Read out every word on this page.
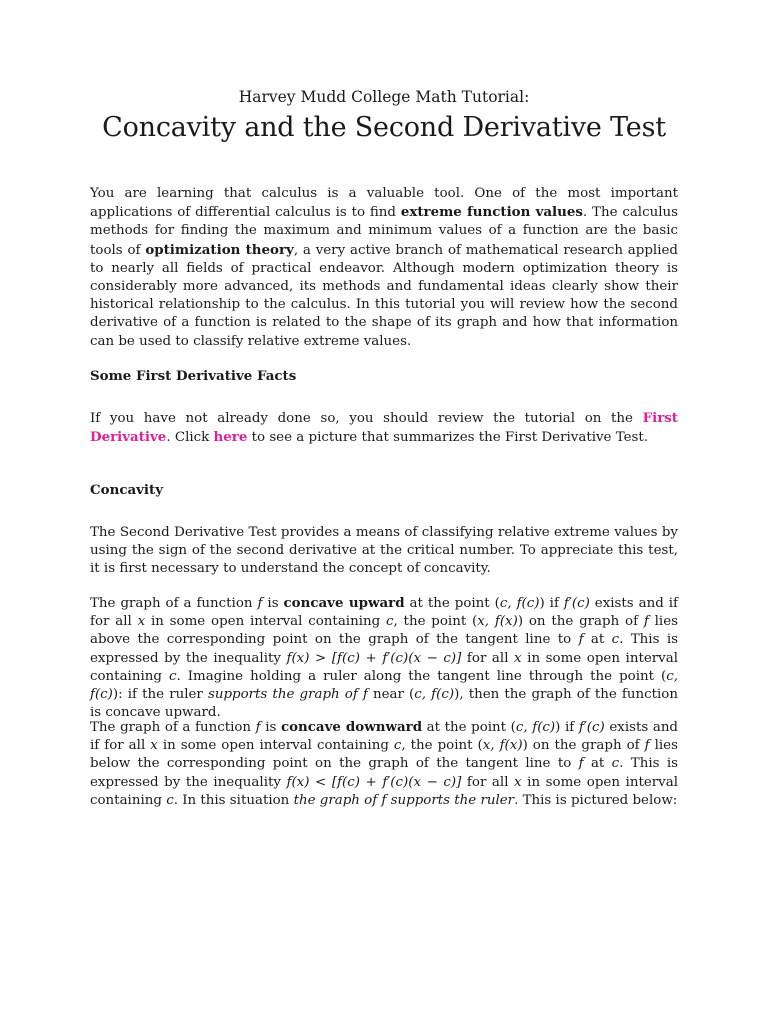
Harvey Mudd College Math Tutorial:
Concavity and the Second Derivative Test

You are learning that calculus is a valuable tool. One of the most important applications of differential calculus is to find extreme function values. The calculus methods for finding the maximum and minimum values of a function are the basic tools of optimization theory, a very active branch of mathematical research applied to nearly all fields of practical endeavor. Although modern optimization theory is considerably more advanced, its methods and fundamental ideas clearly show their historical relationship to the calculus. In this tutorial you will review how the second derivative of a function is related to the shape of its graph and how that information can be used to classify relative extreme values.

Some First Derivative Facts

If you have not already done so, you should review the tutorial on the First Derivative. Click here to see a picture that summarizes the First Derivative Test.

Concavity

The Second Derivative Test provides a means of classifying relative extreme values by using the sign of the second derivative at the critical number. To appreciate this test, it is first necessary to understand the concept of concavity.

The graph of a function f is concave upward at the point (c, f(c)) if f′(c) exists and if for all x in some open interval containing c, the point (x, f(x)) on the graph of f lies above the corresponding point on the graph of the tangent line to f at c. This is expressed by the inequality f(x) > [f(c) + f′(c)(x − c)] for all x in some open interval containing c. Imagine holding a ruler along the tangent line through the point (c, f(c)): if the ruler supports the graph of f near (c, f(c)), then the graph of the function is concave upward.

The graph of a function f is concave downward at the point (c, f(c)) if f′(c) exists and if for all x in some open interval containing c, the point (x, f(x)) on the graph of f lies below the corresponding point on the graph of the tangent line to f at c. This is expressed by the inequality f(x) < [f(c) + f′(c)(x − c)] for all x in some open interval containing c. In this situation the graph of f supports the ruler. This is pictured below:
